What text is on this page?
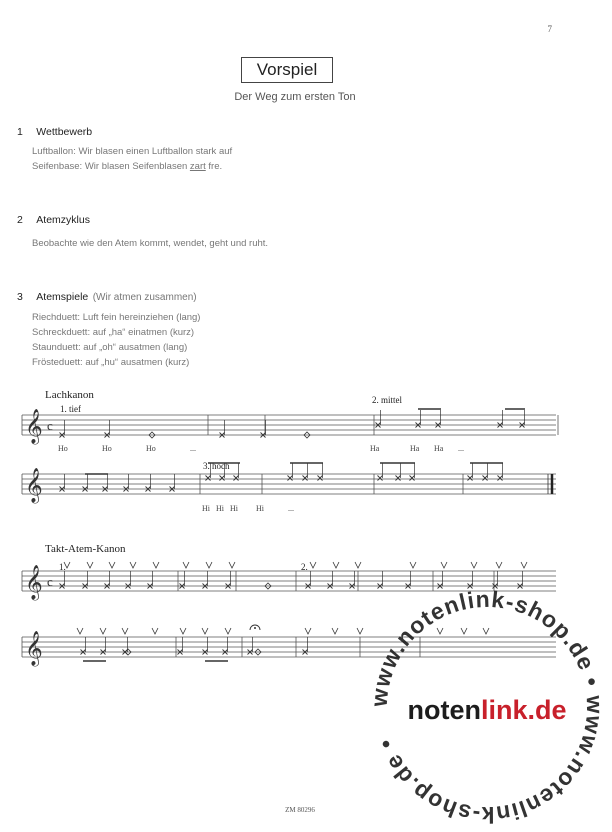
7
Vorspiel
Der Weg zum ersten Ton
1 Wettbewerb
Luftballon: Wir blasen einen Luftballon stark auf
Seifenbase: Wir blasen Seifenblasen zart fre.
2 Atemzyklus
Beobachte wie den Atem kommt, wendet, geht und ruht.
3 Atemspiele (Wir atmen zusammen)
Riechduett: Luft fein hereinziehen (lang)
Schreckduett: auf „ha“ einatmen (kurz)
Staunduett: auf „oh“ ausatmen (lang)
Frösteduett: auf „hu“ ausatmen (kurz)
Lachkanon
1. tief
2. mittel
3. hoch
Takt-Atem-Kanon
1.	2.
𝄞 c
𝄞
𝄞 c
𝄞
Ho	Ho	Ho	...	Ha	Ha Ha ...
Hi Hi Hi Hi	...
www.notenlink-shop.de • www.notenlink-shop.de •
notenlink.de
ZM 80296
